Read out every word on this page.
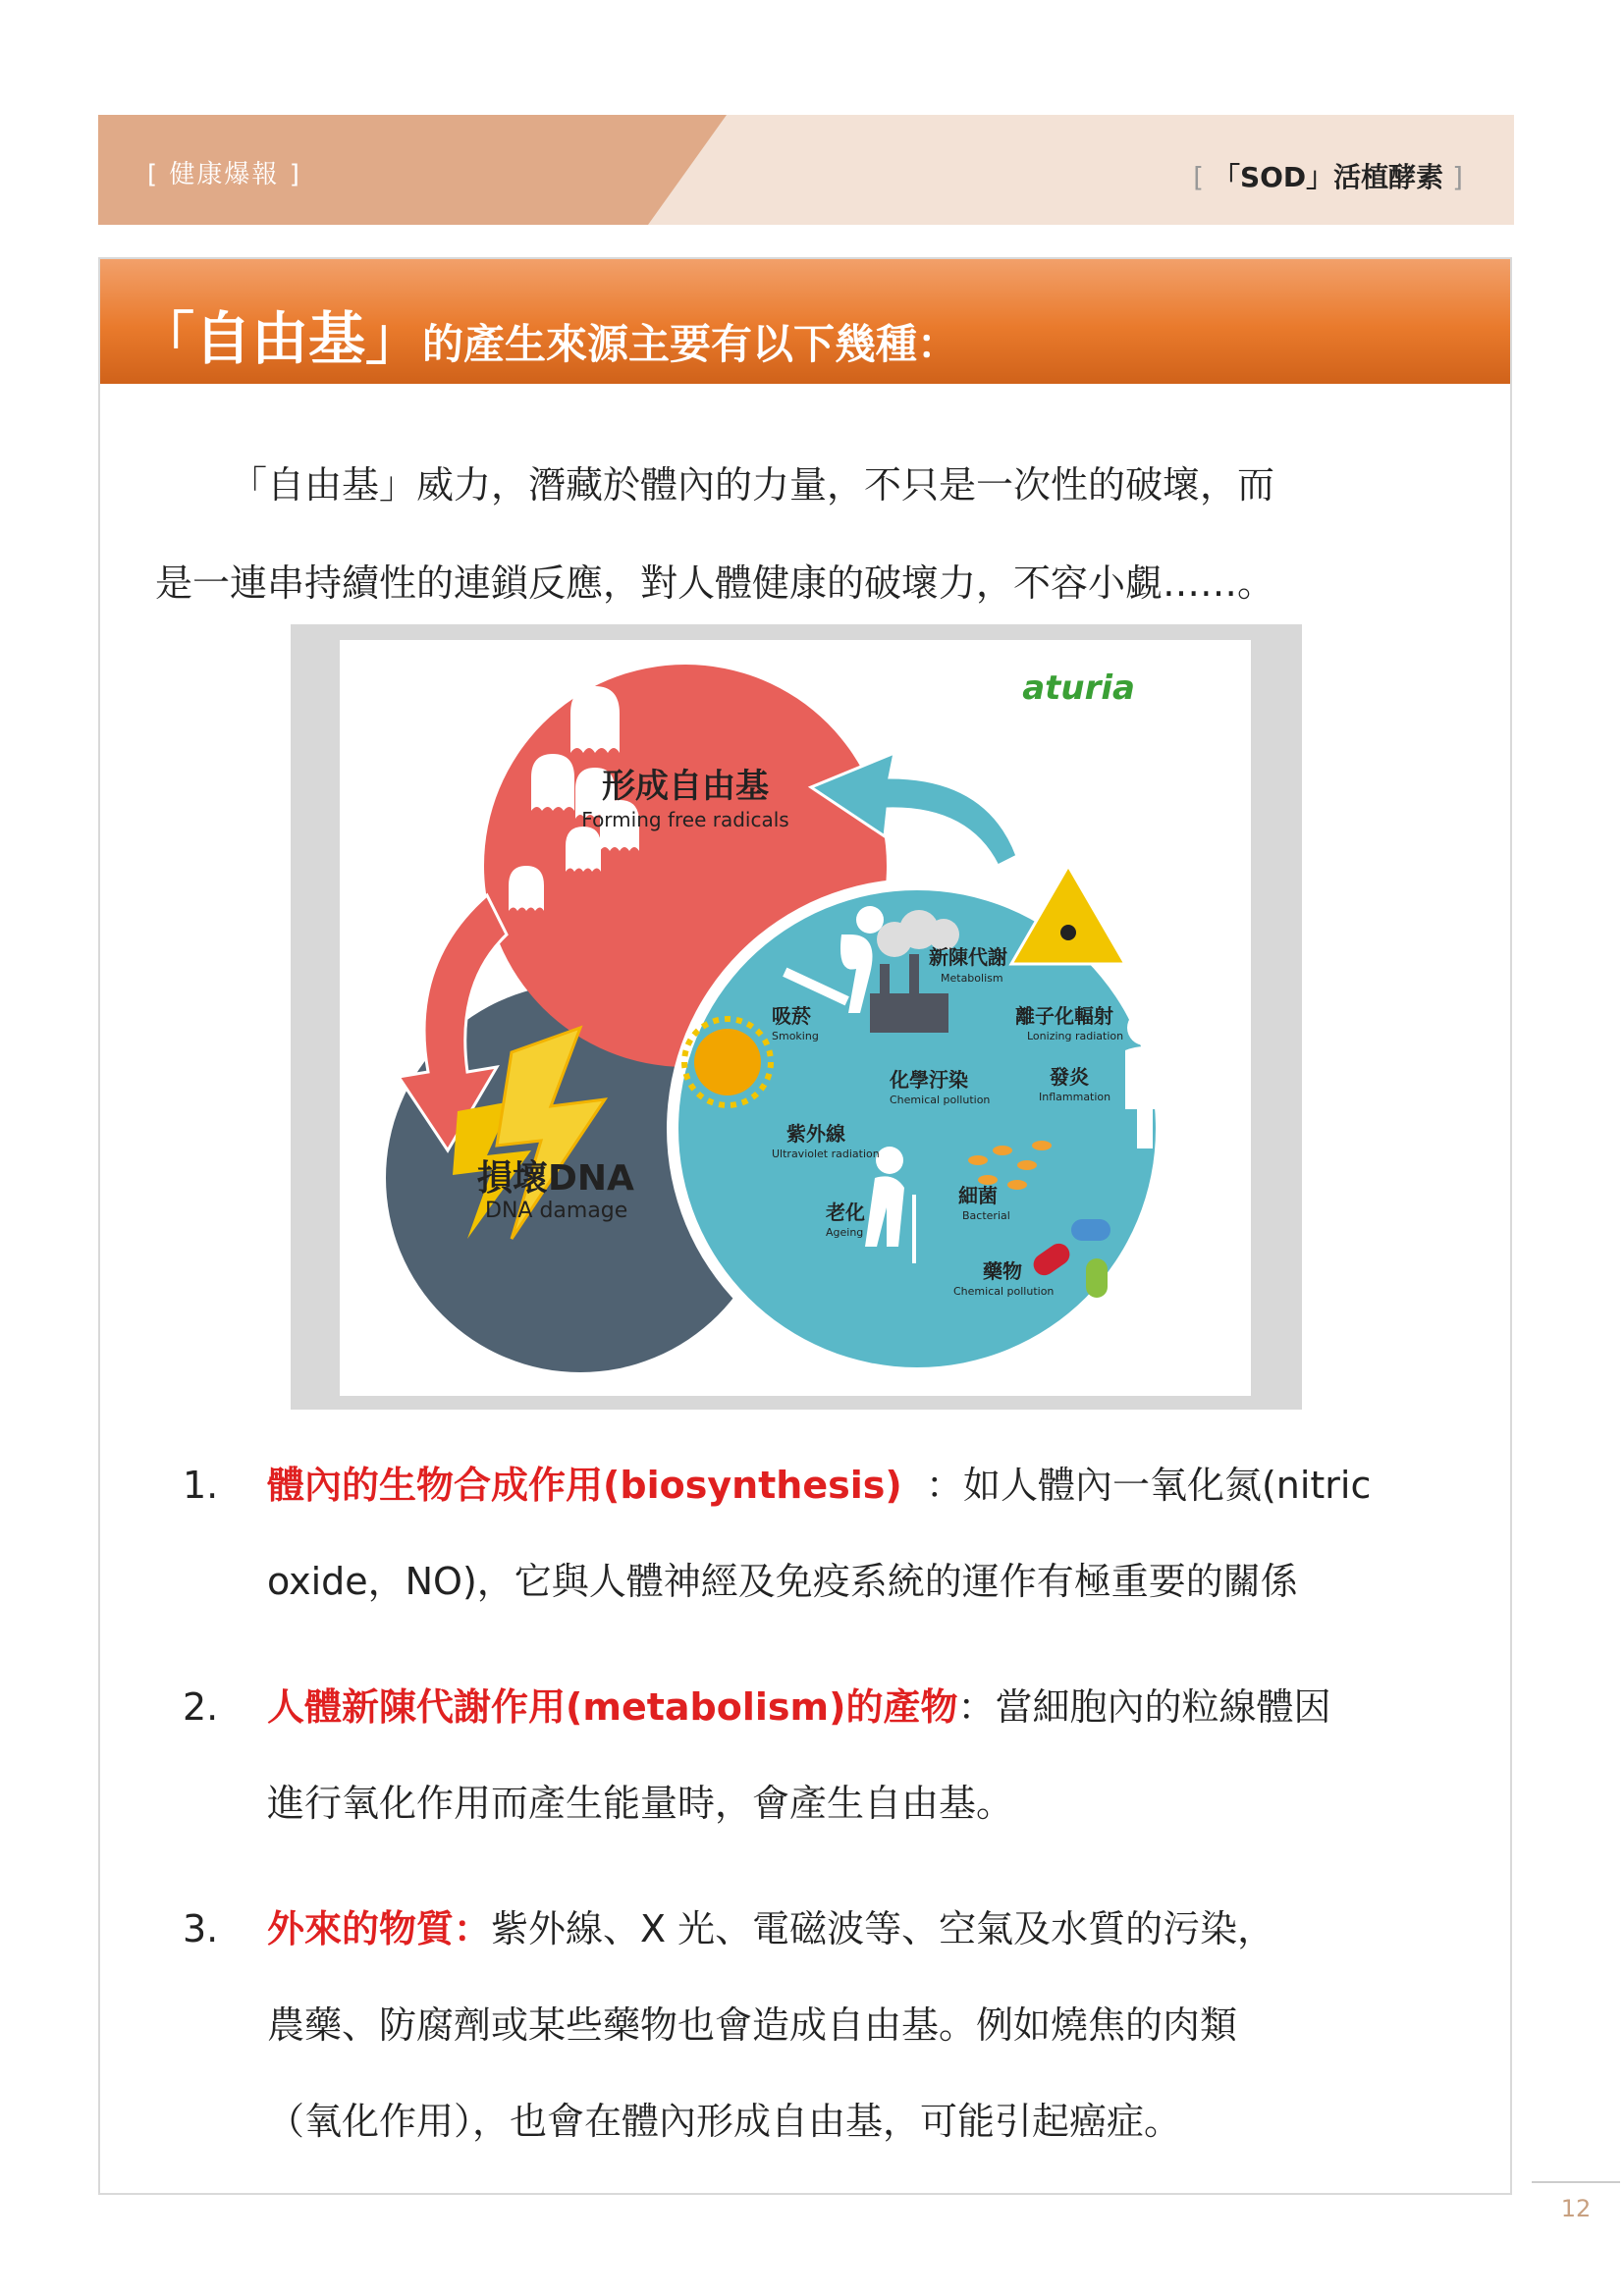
[ 健康爆報 ]	[ 「SOD」活植酵素 ]
「自由基」的產生來源主要有以下幾種：
「自由基」威力，潛藏於體內的力量，不只是一次性的破壞，而
是一連串持續性的連鎖反應，對人體健康的破壞力，不容小覷……。
aturia
形成自由基
Forming free radicals
損壞DNA
DNA damage
新陳代謝
Metabolism
吸菸
Smoking
離子化輻射
Lonizing radiation
化學汙染
Chemical pollution
發炎
Inflammation
紫外線
Ultraviolet radiation
細菌
Bacterial
老化
Ageing
藥物
Chemical pollution
1. 體內的生物合成作用(biosynthesis) ：如人體內一氧化氮(nitric
oxide，NO)，它與人體神經及免疫系統的運作有極重要的關係
2. 人體新陳代謝作用(metabolism)的產物：當細胞內的粒線體因
進行氧化作用而產生能量時，會產生自由基。
3. 外來的物質：紫外線、X 光、電磁波等、空氣及水質的污染，
農藥、防腐劑或某些藥物也會造成自由基。例如燒焦的肉類
（氧化作用），也會在體內形成自由基，可能引起癌症。
12
